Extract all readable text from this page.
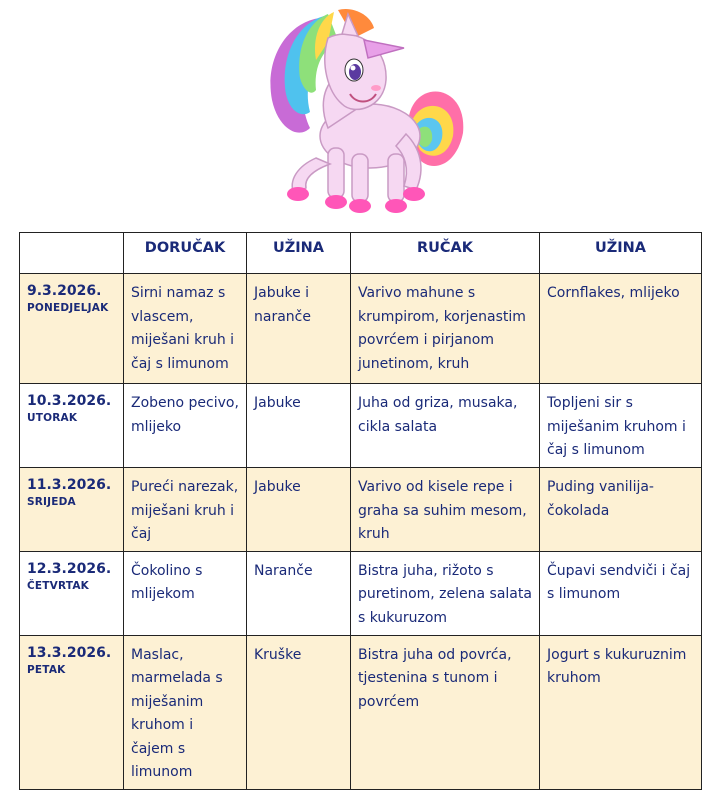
	DORUČAK	UŽINA	RUČAK	UŽINA

9.3.2026.
PONEDJELJAK	Sirni namaz s vlascem, miješani kruh i čaj s limunom	Jabuke i naranče	Varivo mahune s krumpirom, korjenastim povrćem i pirjanom junetinom, kruh	Cornflakes, mlijeko

10.3.2026.
UTORAK	Zobeno pecivo, mlijeko	Jabuke	Juha od griza, musaka, cikla salata	Topljeni sir s miješanim kruhom i čaj s limunom

11.3.2026.
SRIJEDA	Pureći narezak, miješani kruh i čaj	Jabuke	Varivo od kisele repe i graha sa suhim mesom, kruh	Puding vanilija-čokolada

12.3.2026.
ČETVRTAK	Čokolino s mlijekom	Naranče	Bistra juha, rižoto s puretinom, zelena salata s kukuruzom	Čupavi sendviči i čaj s limunom

13.3.2026.
PETAK	Maslac, marmelada s miješanim kruhom i čajem s limunom	Kruške	Bistra juha od povrća, tjestenina s tunom i povrćem	Jogurt s kukuruznim kruhom
